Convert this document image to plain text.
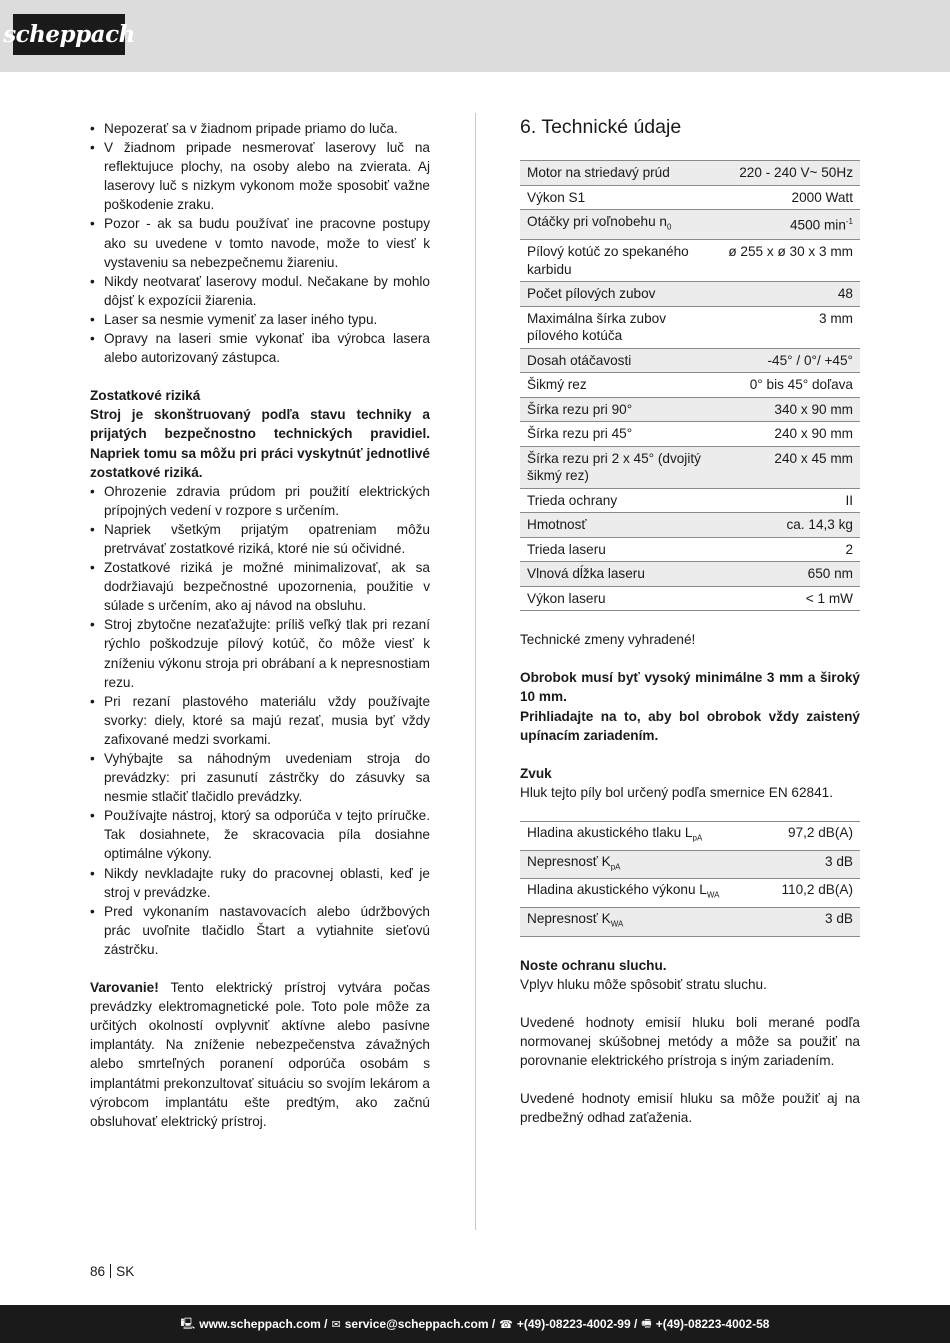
scheppach
• Nepozerať sa v žiadnom pripade priamo do luča.
• V žiadnom pripade nesmerovať laserovy luč na reflektujuce plochy, na osoby alebo na zvierata. Aj laserovy luč s nizkym vykonom može sposobiť važne poškodenie zraku.
• Pozor - ak sa budu používať ine pracovne postupy ako su uvedene v tomto navode, može to viesť k vystaveniu sa nebezpečnemu žiareniu.
• Nikdy neotvarať laserovy modul. Nečakane by mohlo dôjsť k expozícii žiarenia.
• Laser sa nesmie vymeniť za laser iného typu.
• Opravy na laseri smie vykonať iba výrobca lasera alebo autorizovaný zástupca.

Zostatkové riziká

Stroj je skonštruovaný podľa stavu techniky a prijatých bezpečnostno technických pravidiel. Napriek tomu sa môžu pri práci vyskytnúť jednotlivé zostatkové riziká.

• Ohrozenie zdravia prúdom pri použití elektrických prípojných vedení v rozpore s určením.
• Napriek všetkým prijatým opatreniam môžu pretrvávať zostatkové riziká, ktoré nie sú očividné.
• Zostatkové riziká je možné minimalizovať, ak sa dodržiavajú bezpečnostné upozornenia, použitie v súlade s určením, ako aj návod na obsluhu.
• Stroj zbytočne nezaťažujte: príliš veľký tlak pri rezaní rýchlo poškodzuje pílový kotúč, čo môže viesť k zníženiu výkonu stroja pri obrábaní a k nepresnostiam rezu.
• Pri rezaní plastového materiálu vždy používajte svorky: diely, ktoré sa majú rezať, musia byť vždy zafixované medzi svorkami.
• Vyhýbajte sa náhodným uvedeniam stroja do prevádzky: pri zasunutí zástrčky do zásuvky sa nesmie stlačiť tlačidlo prevádzky.
• Používajte nástroj, ktorý sa odporúča v tejto príručke. Tak dosiahnete, že skracovacia píla dosiahne optimálne výkony.
• Nikdy nevkladajte ruky do pracovnej oblasti, keď je stroj v prevádzke.
• Pred vykonaním nastavovacích alebo údržbových prác uvoľnite tlačidlo Štart a vytiahnite sieťovú zástrčku.

Varovanie! Tento elektrický prístroj vytvára počas prevádzky elektromagnetické pole. Toto pole môže za určitých okolností ovplyvniť aktívne alebo pasívne implantáty. Na zníženie nebezpečenstva závažných alebo smrteľných poranení odporúča osobám s implantátmi prekonzultovať situáciu so svojím lekárom a výrobcom implantátu ešte predtým, ako začnú obsluhovať elektrický prístroj.

6. Technické údaje
Motor na striedavý prúd	220 - 240 V~ 50Hz
Výkon S1	2000 Watt
Otáčky pri voľnobehu $n_0$	4500 $\min^{-1}$
Pílový kotúč zo spekaného karbidu	ø 255 x ø 30 x 3 mm
Počet pílových zubov	48
Maximálna šírka zubov pílového kotúča	3 mm
Dosah otáčavosti	-45° / 0°/ +45°
Šikmý rez	0° bis 45° doľava
Šírka rezu pri 90°	340 x 90 mm
Šírka rezu pri 45°	240 x 90 mm
Šírka rezu pri 2 x 45° (dvojitý šikmý rez)	240 x 45 mm
Trieda ochrany	II
Hmotnosť	ca. 14,3 kg
Trieda laseru	2
Vlnová dĺžka laseru	650 nm
Výkon laseru	< 1 mW

Technické zmeny vyhradené!

Obrobok musí byť vysoký minimálne 3 mm a široký 10 mm.

Prihliadajte na to, aby bol obrobok vždy zaistený upínacím zariadením.

Zvuk

Hluk tejto píly bol určený podľa smernice EN 62841.

Hladina akustického tlaku $L_{pA}$	97,2 dB(A)
Nepresnosť $K_{pA}$	3 dB
Hladina akustického výkonu $L_{WA}$	110,2 dB(A)
Nepresnosť $K_{WA}$	3 dB

Noste ochranu sluchu.

Vplyv hluku môže spôsobiť stratu sluchu.

Uvedené hodnoty emisií hluku boli merané podľa normovanej skúšobnej metódy a môže sa použiť na porovnanie elektrického prístroja s iným zariadením.

Uvedené hodnoty emisií hluku sa môže použiť aj na predbežný odhad zaťaženia.

86 SK
🖳 www.scheppach.com / ✉ service@scheppach.com / ☎ +(49)-08223-4002-99 / 🖷 +(49)-08223-4002-58
